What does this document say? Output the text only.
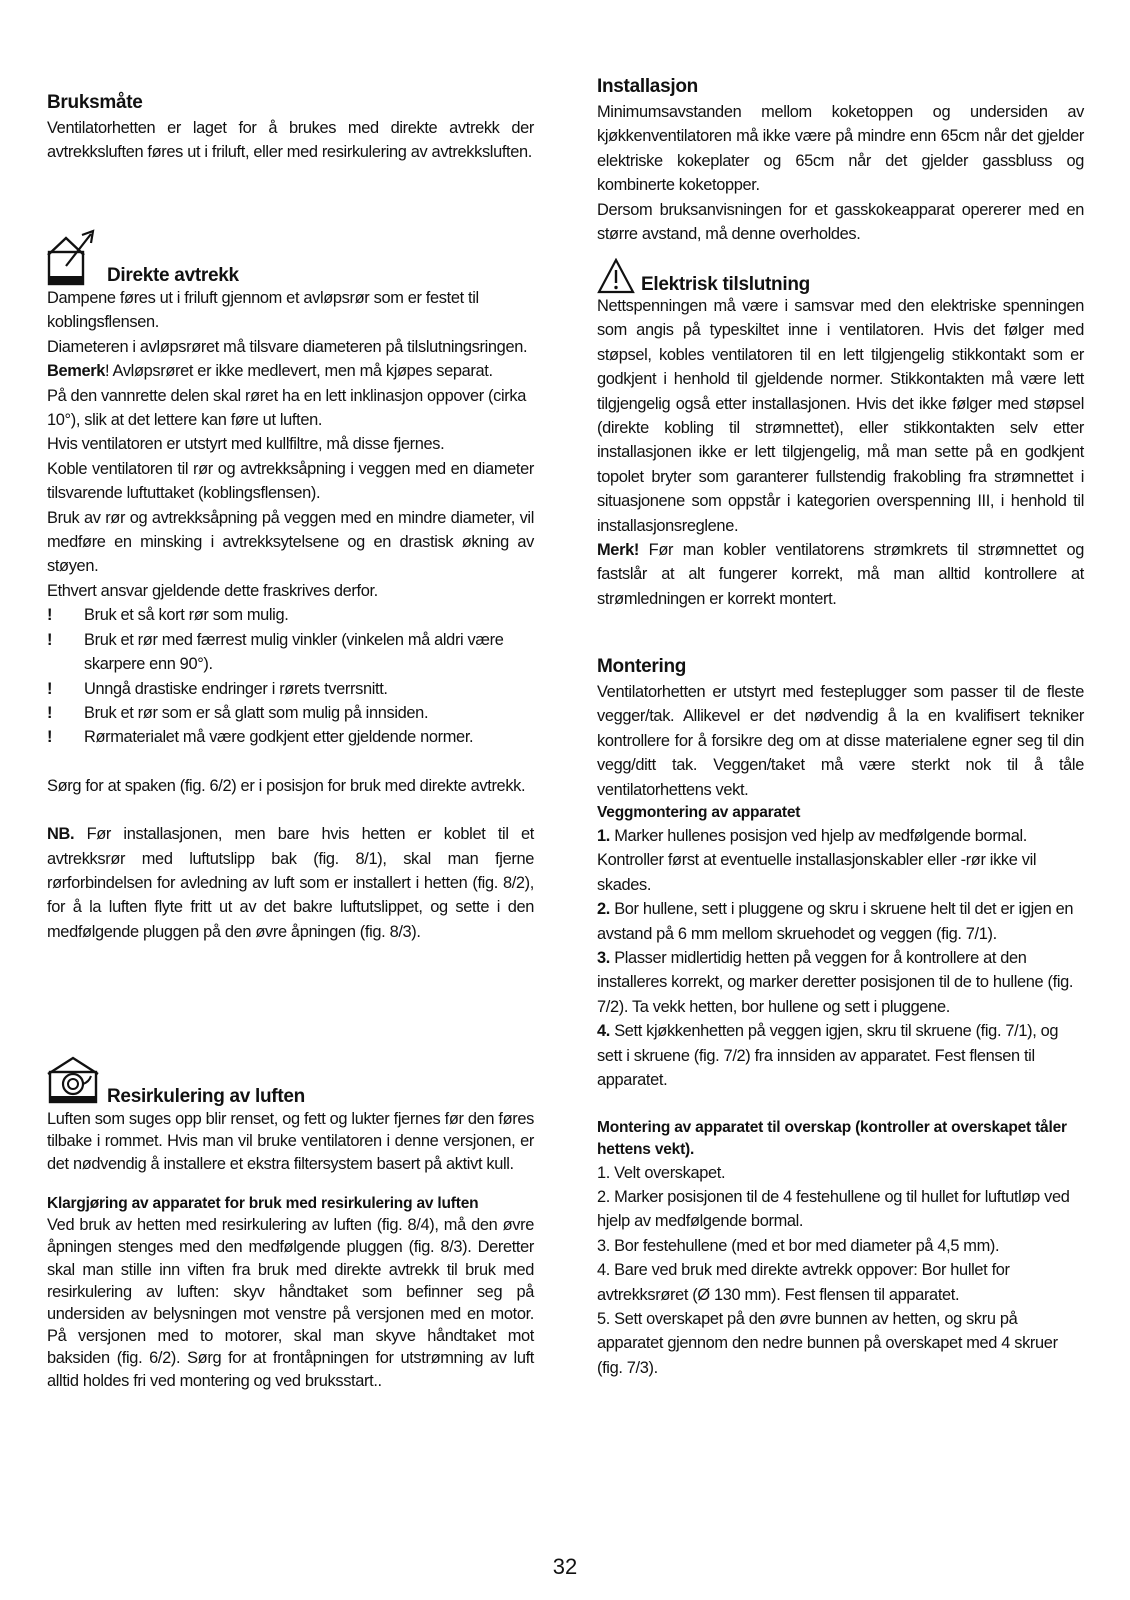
Bruksmåte

Ventilatorhetten er laget for å brukes med direkte avtrekk der avtrekksluften føres ut i friluft, eller med resirkulering av avtrekksluften.

Direkte avtrekk

Dampene føres ut i friluft gjennom et avløpsrør som er festet til koblingsflensen.

Diameteren i avløpsrøret må tilsvare diameteren på tilslutningsringen.

Bemerk! Avløpsrøret er ikke medlevert, men må kjøpes separat.

På den vannrette delen skal røret ha en lett inklinasjon oppover (cirka 10°), slik at det lettere kan føre ut luften.

Hvis ventilatoren er utstyrt med kullfiltre, må disse fjernes.

Koble ventilatoren til rør og avtrekksåpning i veggen med en diameter tilsvarende luftuttaket (koblingsflensen).

Bruk av rør og avtrekksåpning på veggen med en mindre diameter, vil medføre en minsking i avtrekksytelsene og en drastisk økning av støyen.

Ethvert ansvar gjeldende dette fraskrives derfor.

!	Bruk et så kort rør som mulig.
!	Bruk et rør med færrest mulig vinkler (vinkelen må aldri være skarpere enn 90°).
!	Unngå drastiske endringer i rørets tverrsnitt.
!	Bruk et rør som er så glatt som mulig på innsiden.
!	Rørmaterialet må være godkjent etter gjeldende normer.

Sørg for at spaken (fig. 6/2) er i posisjon for bruk med direkte avtrekk.

NB. Før installasjonen, men bare hvis hetten er koblet til et avtrekksrør med luftutslipp bak (fig. 8/1), skal man fjerne rørforbindelsen for avledning av luft som er installert i hetten (fig. 8/2), for å la luften flyte fritt ut av det bakre luftutslippet, og sette i den medfølgende pluggen på den øvre åpningen (fig. 8/3).

Resirkulering av luften

Luften som suges opp blir renset, og fett og lukter fjernes før den føres tilbake i rommet. Hvis man vil bruke ventilatoren i denne versjonen, er det nødvendig å installere et ekstra filtersystem basert på aktivt kull.

Klargjøring av apparatet for bruk med resirkulering av luften

Ved bruk av hetten med resirkulering av luften (fig. 8/4), må den øvre åpningen stenges med den medfølgende pluggen (fig. 8/3). Deretter skal man stille inn viften fra bruk med direkte avtrekk til bruk med resirkulering av luften: skyv håndtaket som befinner seg på undersiden av belysningen mot venstre på versjonen med en motor. På versjonen med to motorer, skal man skyve håndtaket mot baksiden (fig. 6/2). Sørg for at frontåpningen for utstrømning av luft alltid holdes fri ved montering og ved bruksstart..

Installasjon

Minimumsavstanden mellom koketoppen og undersiden av kjøkkenventilatoren må ikke være på mindre enn 65cm når det gjelder elektriske kokeplater og 65cm når det gjelder gassbluss og kombinerte koketopper.

Dersom bruksanvisningen for et gasskokeapparat opererer med en større avstand, må denne overholdes.

Elektrisk tilslutning

Nettspenningen må være i samsvar med den elektriske spenningen som angis på typeskiltet inne i ventilatoren. Hvis det følger med støpsel, kobles ventilatoren til en lett tilgjengelig stikkontakt som er godkjent i henhold til gjeldende normer. Stikkontakten må være lett tilgjengelig også etter installasjonen. Hvis det ikke følger med støpsel (direkte kobling til strømnettet), eller stikkontakten selv etter installasjonen ikke er lett tilgjengelig, må man sette på en godkjent topolet bryter som garanterer fullstendig frakobling fra strømnettet i situasjonene som oppstår i kategorien overspenning III, i henhold til installasjonsreglene.

Merk! Før man kobler ventilatorens strømkrets til strømnettet og fastslår at alt fungerer korrekt, må man alltid kontrollere at strømledningen er korrekt montert.

Montering

Ventilatorhetten er utstyrt med festeplugger som passer til de fleste vegger/tak. Allikevel er det nødvendig å la en kvalifisert tekniker kontrollere for å forsikre deg om at disse materialene egner seg til din vegg/ditt tak. Veggen/taket må være sterkt nok til å tåle ventilatorhettens vekt.

Veggmontering av apparatet

1. Marker hullenes posisjon ved hjelp av medfølgende bormal. Kontroller først at eventuelle installasjonskabler eller -rør ikke vil skades.

2. Bor hullene, sett i pluggene og skru i skruene helt til det er igjen en avstand på 6 mm mellom skruehodet og veggen (fig. 7/1).

3. Plasser midlertidig hetten på veggen for å kontrollere at den installeres korrekt, og marker deretter posisjonen til de to hullene (fig. 7/2). Ta vekk hetten, bor hullene og sett i pluggene.

4. Sett kjøkkenhetten på veggen igjen, skru til skruene (fig. 7/1), og sett i skruene (fig. 7/2) fra innsiden av apparatet. Fest flensen til apparatet.

Montering av apparatet til overskap (kontroller at overskapet tåler hettens vekt).

1. Velt overskapet.

2. Marker posisjonen til de 4 festehullene og til hullet for luftutløp ved hjelp av medfølgende bormal.

3. Bor festehullene (med et bor med diameter på 4,5 mm).

4. Bare ved bruk med direkte avtrekk oppover: Bor hullet for avtrekksrøret (Ø 130 mm). Fest flensen til apparatet.

5. Sett overskapet på den øvre bunnen av hetten, og skru på apparatet gjennom den nedre bunnen på overskapet med 4 skruer (fig. 7/3).

32
